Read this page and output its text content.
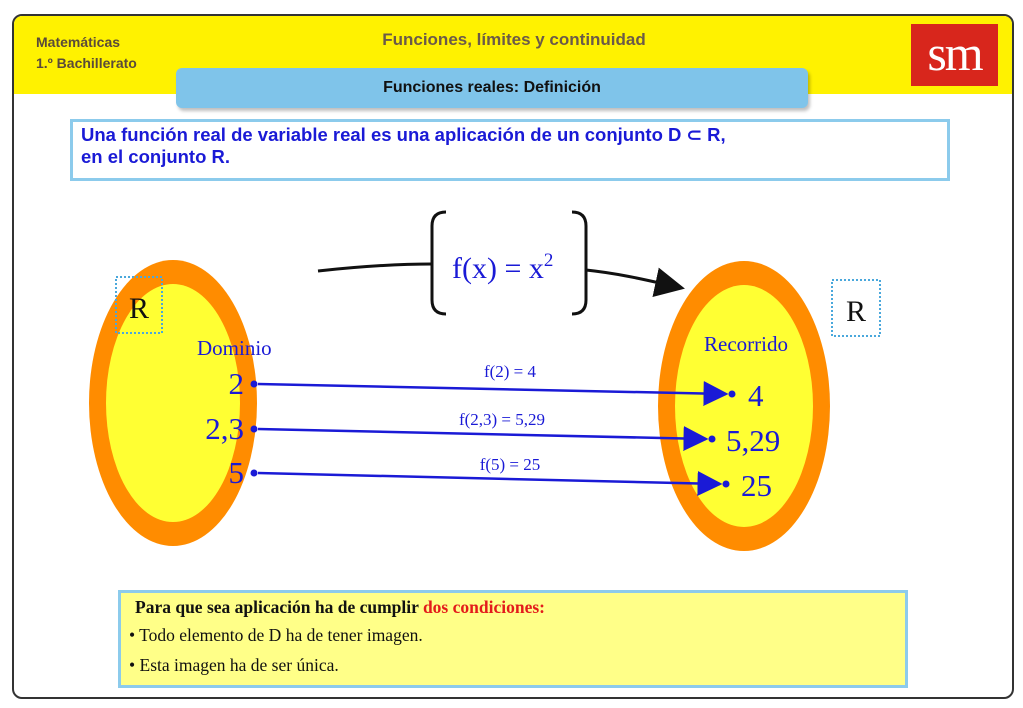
Matemáticas
1.º Bachillerato
Funciones, límites y continuidad	sm
Funciones reales: Definición
Una función real de variable real es una aplicación de un conjunto D ⊂ R,
en el conjunto R.
R	R
$f(x) = x^2$
Dominio	Recorrido
2
2,3
5
4
5,29
25
f(2) = 4
f(2,3) = 5,29
f(5) = 25
Para que sea aplicación ha de cumplir dos condiciones:
• Todo elemento de D ha de tener imagen.
• Esta imagen ha de ser única.
